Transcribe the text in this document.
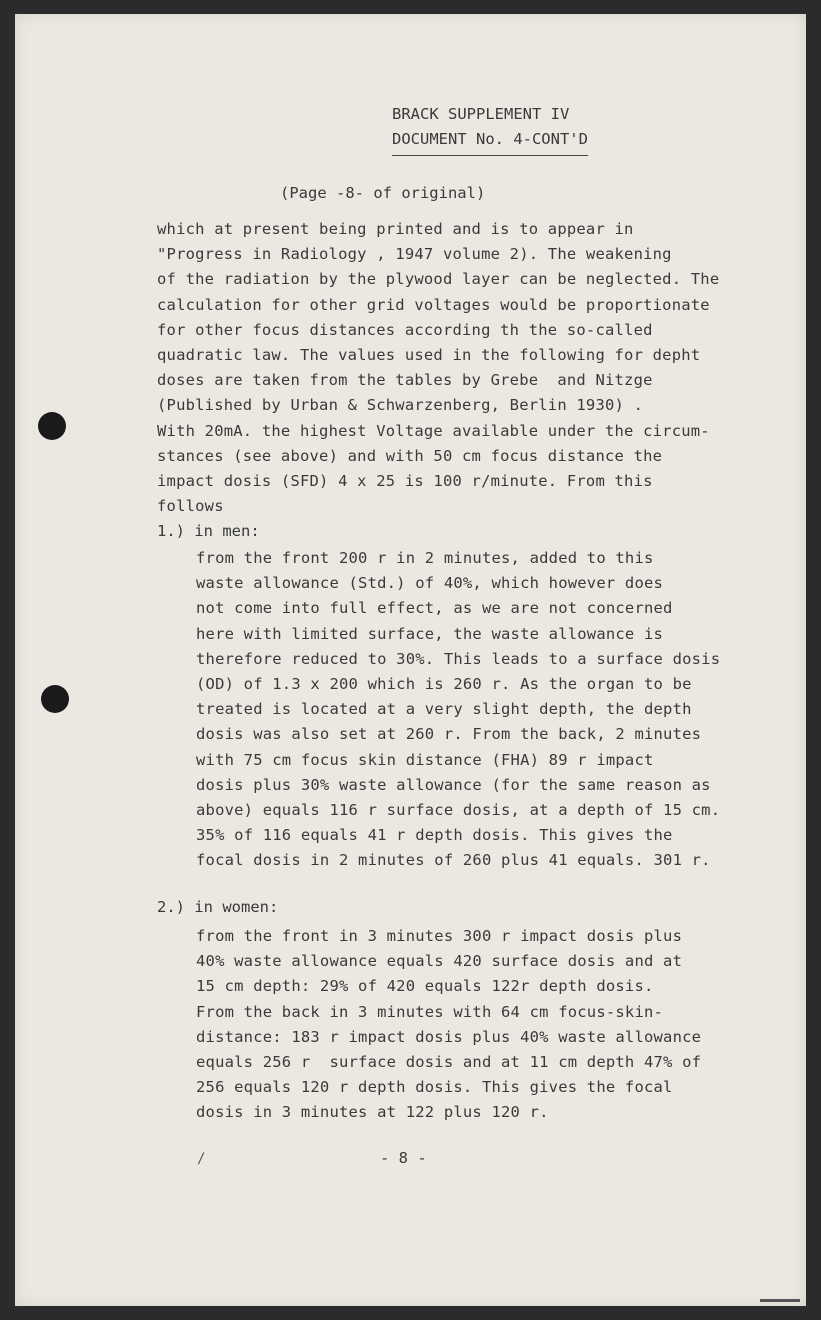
BRACK SUPPLEMENT IV
DOCUMENT No. 4-CONT'D
(Page -8- of original)

which at present being printed and is to appear in
"Progress in Radiology , 1947 volume 2). The weakening
of the radiation by the plywood layer can be neglected. The
calculation for other grid voltages would be proportionate
for other focus distances according th the so-called
quadratic law. The values used in the following for depht
doses are taken from the tables by Grebe  and Nitzge
(Published by Urban & Schwarzenberg, Berlin 1930) .
With 20mA. the highest Voltage available under the circum-
stances (see above) and with 50 cm focus distance the
impact dosis (SFD) 4 x 25 is 100 r/minute. From this
follows

1.) in men:

from the front 200 r in 2 minutes, added to this
waste allowance (Std.) of 40%, which however does
not come into full effect, as we are not concerned
here with limited surface, the waste allowance is
therefore reduced to 30%. This leads to a surface dosis
(OD) of 1.3 x 200 which is 260 r. As the organ to be
treated is located at a very slight depth, the depth
dosis was also set at 260 r. From the back, 2 minutes
with 75 cm focus skin distance (FHA) 89 r impact
dosis plus 30% waste allowance (for the same reason as
above) equals 116 r surface dosis, at a depth of 15 cm.
35% of 116 equals 41 r depth dosis. This gives the
focal dosis in 2 minutes of 260 plus 41 equals. 301 r.

2.) in women:

from the front in 3 minutes 300 r impact dosis plus
40% waste allowance equals 420 surface dosis and at
15 cm depth: 29% of 420 equals 122r depth dosis.
From the back in 3 minutes with 64 cm focus-skin-
distance: 183 r impact dosis plus 40% waste allowance
equals 256 r  surface dosis and at 11 cm depth 47% of
256 equals 120 r depth dosis. This gives the focal
dosis in 3 minutes at 122 plus 120 r.

/	- 8 -
